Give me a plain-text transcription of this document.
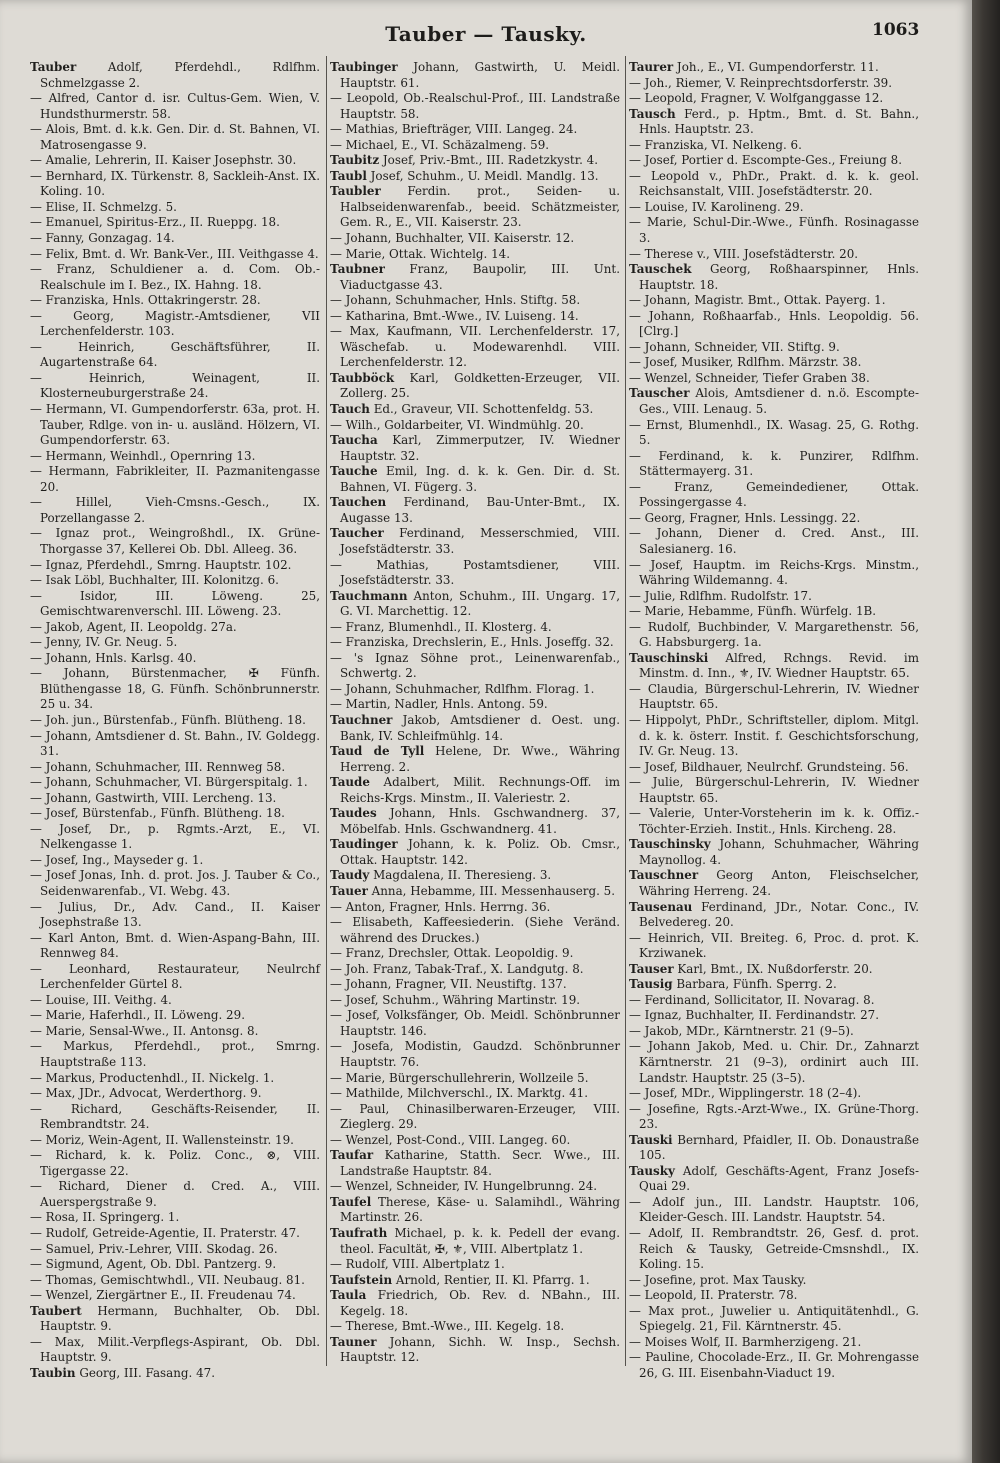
Tauber — Tausky.	1063
Tauber Adolf, Pferdehdl., Rdlfhm. Schmelzgasse 2.
— Alfred, Cantor d. isr. Cultus-Gem. Wien, V. Hundsthurmerstr. 58.
— Alois, Bmt. d. k.k. Gen. Dir. d. St. Bahnen, VI. Matrosengasse 9.
— Amalie, Lehrerin, II. Kaiser Josephstr. 30.
— Bernhard, IX. Türkenstr. 8, Sackleih-Anst. IX. Koling. 10.
— Elise, II. Schmelzg. 5.
— Emanuel, Spiritus-Erz., II. Rueppg. 18.
— Fanny, Gonzagag. 14.
— Felix, Bmt. d. Wr. Bank-Ver., III. Veithgasse 4.
— Franz, Schuldiener a. d. Com. Ob.-Realschule im I. Bez., IX. Hahng. 18.
— Franziska, Hnls. Ottakringerstr. 28.
— Georg, Magistr.-Amtsdiener, VII Lerchenfelderstr. 103.
— Heinrich, Geschäftsführer, II. Augartenstraße 64.
— Heinrich, Weinagent, II. Klosterneuburgerstraße 24.
— Hermann, VI. Gumpendorferstr. 63a, prot. H. Tauber, Rdlge. von in- u. ausländ. Hölzern, VI. Gumpendorferstr. 63.
— Hermann, Weinhdl., Opernring 13.
— Hermann, Fabrikleiter, II. Pazmanitengasse 20.
— Hillel, Vieh-Cmsns.-Gesch., IX. Porzellangasse 2.
— Ignaz prot., Weingroßhdl., IX. Grüne-Thorgasse 37, Kellerei Ob. Dbl. Alleeg. 36.
— Ignaz, Pferdehdl., Smrng. Hauptstr. 102.
— Isak Löbl, Buchhalter, III. Kolonitzg. 6.
— Isidor, III. Löweng. 25, Gemischtwarenverschl. III. Löweng. 23.
— Jakob, Agent, II. Leopoldg. 27a.
— Jenny, IV. Gr. Neug. 5.
— Johann, Hnls. Karlsg. 40.
— Johann, Bürstenmacher, ✠ Fünfh. Blüthengasse 18, G. Fünfh. Schönbrunnerstr. 25 u. 34.
— Joh. jun., Bürstenfab., Fünfh. Blütheng. 18.
— Johann, Amtsdiener d. St. Bahn., IV. Goldegg. 31.
— Johann, Schuhmacher, III. Rennweg 58.
— Johann, Schuhmacher, VI. Bürgerspitalg. 1.
— Johann, Gastwirth, VIII. Lercheng. 13.
— Josef, Bürstenfab., Fünfh. Blütheng. 18.
— Josef, Dr., p. Rgmts.-Arzt, E., VI. Nelkengasse 1.
— Josef, Ing., Mayseder g. 1.
— Josef Jonas, Inh. d. prot. Jos. J. Tauber & Co., Seidenwarenfab., VI. Webg. 43.
— Julius, Dr., Adv. Cand., II. Kaiser Josephstraße 13.
— Karl Anton, Bmt. d. Wien-Aspang-Bahn, III. Rennweg 84.
— Leonhard, Restaurateur, Neulrchf Lerchenfelder Gürtel 8.
— Louise, III. Veithg. 4.
— Marie, Haferhdl., II. Löweng. 29.
— Marie, Sensal-Wwe., II. Antonsg. 8.
— Markus, Pferdehdl., prot., Smrng. Hauptstraße 113.
— Markus, Productenhdl., II. Nickelg. 1.
— Max, JDr., Advocat, Werderthorg. 9.
— Richard, Geschäfts-Reisender, II. Rembrandtstr. 24.
— Moriz, Wein-Agent, II. Wallensteinstr. 19.
— Richard, k. k. Poliz. Conc., ⊗, VIII. Tigergasse 22.
— Richard, Diener d. Cred. A., VIII. Auerspergstraße 9.
— Rosa, II. Springerg. 1.
— Rudolf, Getreide-Agentie, II. Praterstr. 47.
— Samuel, Priv.-Lehrer, VIII. Skodag. 26.
— Sigmund, Agent, Ob. Dbl. Pantzerg. 9.
— Thomas, Gemischtwhdl., VII. Neubaug. 81.
— Wenzel, Ziergärtner E., II. Freudenau 74.
Taubert Hermann, Buchhalter, Ob. Dbl. Hauptstr. 9.
— Max, Milit.-Verpflegs-Aspirant, Ob. Dbl. Hauptstr. 9.
Taubin Georg, III. Fasang. 47.
Taubinger Johann, Gastwirth, U. Meidl. Hauptstr. 61.
— Leopold, Ob.-Realschul-Prof., III. Landstraße Hauptstr. 58.
— Mathias, Briefträger, VIII. Langeg. 24.
— Michael, E., VI. Schäzalmeng. 59.
Taubitz Josef, Priv.-Bmt., III. Radetzkystr. 4.
Taubl Josef, Schuhm., U. Meidl. Mandlg. 13.
Taubler Ferdin. prot., Seiden- u. Halbseidenwarenfab., beeid. Schätzmeister, Gem. R., E., VII. Kaiserstr. 23.
— Johann, Buchhalter, VII. Kaiserstr. 12.
— Marie, Ottak. Wichtelg. 14.
Taubner Franz, Baupolir, III. Unt. Viaductgasse 43.
— Johann, Schuhmacher, Hnls. Stiftg. 58.
— Katharina, Bmt.-Wwe., IV. Luiseng. 14.
— Max, Kaufmann, VII. Lerchenfelderstr. 17, Wäschefab. u. Modewarenhdl. VIII. Lerchenfelderstr. 12.
Taubböck Karl, Goldketten-Erzeuger, VII. Zollerg. 25.
Tauch Ed., Graveur, VII. Schottenfeldg. 53.
— Wilh., Goldarbeiter, VI. Windmühlg. 20.
Taucha Karl, Zimmerputzer, IV. Wiedner Hauptstr. 32.
Tauche Emil, Ing. d. k. k. Gen. Dir. d. St. Bahnen, VI. Fügerg. 3.
Tauchen Ferdinand, Bau-Unter-Bmt., IX. Augasse 13.
Taucher Ferdinand, Messerschmied, VIII. Josefstädterstr. 33.
— Mathias, Postamtsdiener, VIII. Josefstädterstr. 33.
Tauchmann Anton, Schuhm., III. Ungarg. 17, G. VI. Marchettig. 12.
— Franz, Blumenhdl., II. Klosterg. 4.
— Franziska, Drechslerin, E., Hnls. Joseffg. 32.
— 's Ignaz Söhne prot., Leinenwarenfab., Schwertg. 2.
— Johann, Schuhmacher, Rdlfhm. Florag. 1.
— Martin, Nadler, Hnls. Antong. 59.
Tauchner Jakob, Amtsdiener d. Oest. ung. Bank, IV. Schleifmühlg. 14.
Taud de Tyll Helene, Dr. Wwe., Währing Herreng. 2.
Taude Adalbert, Milit. Rechnungs-Off. im Reichs-Krgs. Minstm., II. Valeriestr. 2.
Taudes Johann, Hnls. Gschwandnerg. 37, Möbelfab. Hnls. Gschwandnerg. 41.
Taudinger Johann, k. k. Poliz. Ob. Cmsr., Ottak. Hauptstr. 142.
Taudy Magdalena, II. Theresieng. 3.
Tauer Anna, Hebamme, III. Messenhauserg. 5.
— Anton, Fragner, Hnls. Herrng. 36.
— Elisabeth, Kaffeesiederin. (Siehe Veränd. während des Druckes.)
— Franz, Drechsler, Ottak. Leopoldig. 9.
— Joh. Franz, Tabak-Traf., X. Landgutg. 8.
— Johann, Fragner, VII. Neustiftg. 137.
— Josef, Schuhm., Währing Martinstr. 19.
— Josef, Volksfänger, Ob. Meidl. Schönbrunner Hauptstr. 146.
— Josefa, Modistin, Gaudzd. Schönbrunner Hauptstr. 76.
— Marie, Bürgerschullehrerin, Wollzeile 5.
— Mathilde, Milchverschl., IX. Marktg. 41.
— Paul, Chinasilberwaren-Erzeuger, VIII. Zieglerg. 29.
— Wenzel, Post-Cond., VIII. Langeg. 60.
Taufar Katharine, Statth. Secr. Wwe., III. Landstraße Hauptstr. 84.
— Wenzel, Schneider, IV. Hungelbrunng. 24.
Taufel Therese, Käse- u. Salamihdl., Währing Martinstr. 26.
Taufrath Michael, p. k. k. Pedell der evang. theol. Facultät, ✠, ⚜, VIII. Albertplatz 1.
— Rudolf, VIII. Albertplatz 1.
Taufstein Arnold, Rentier, II. Kl. Pfarrg. 1.
Taula Friedrich, Ob. Rev. d. NBahn., III. Kegelg. 18.
— Therese, Bmt.-Wwe., III. Kegelg. 18.
Tauner Johann, Sichh. W. Insp., Sechsh. Hauptstr. 12.
Taurer Joh., E., VI. Gumpendorferstr. 11.
— Joh., Riemer, V. Reinprechtsdorferstr. 39.
— Leopold, Fragner, V. Wolfganggasse 12.
Tausch Ferd., p. Hptm., Bmt. d. St. Bahn., Hnls. Hauptstr. 23.
— Franziska, VI. Nelkeng. 6.
— Josef, Portier d. Escompte-Ges., Freiung 8.
— Leopold v., PhDr., Prakt. d. k. k. geol. Reichsanstalt, VIII. Josefstädterstr. 20.
— Louise, IV. Karolineng. 29.
— Marie, Schul-Dir.-Wwe., Fünfh. Rosinagasse 3.
— Therese v., VIII. Josefstädterstr. 20.
Tauschek Georg, Roßhaarspinner, Hnls. Hauptstr. 18.
— Johann, Magistr. Bmt., Ottak. Payerg. 1.
— Johann, Roßhaarfab., Hnls. Leopoldig. 56. [Clrg.]
— Johann, Schneider, VII. Stiftg. 9.
— Josef, Musiker, Rdlfhm. Märzstr. 38.
— Wenzel, Schneider, Tiefer Graben 38.
Tauscher Alois, Amtsdiener d. n.ö. Escompte-Ges., VIII. Lenaug. 5.
— Ernst, Blumenhdl., IX. Wasag. 25, G. Rothg. 5.
— Ferdinand, k. k. Punzirer, Rdlfhm. Stättermayerg. 31.
— Franz, Gemeindediener, Ottak. Possingergasse 4.
— Georg, Fragner, Hnls. Lessingg. 22.
— Johann, Diener d. Cred. Anst., III. Salesianerg. 16.
— Josef, Hauptm. im Reichs-Krgs. Minstm., Währing Wildemanng. 4.
— Julie, Rdlfhm. Rudolfstr. 17.
— Marie, Hebamme, Fünfh. Würfelg. 1B.
— Rudolf, Buchbinder, V. Margarethenstr. 56, G. Habsburgerg. 1a.
Tauschinski Alfred, Rchngs. Revid. im Minstm. d. Inn., ⚜, IV. Wiedner Hauptstr. 65.
— Claudia, Bürgerschul-Lehrerin, IV. Wiedner Hauptstr. 65.
— Hippolyt, PhDr., Schriftsteller, diplom. Mitgl. d. k. k. österr. Instit. f. Geschichtsforschung, IV. Gr. Neug. 13.
— Josef, Bildhauer, Neulrchf. Grundsteing. 56.
— Julie, Bürgerschul-Lehrerin, IV. Wiedner Hauptstr. 65.
— Valerie, Unter-Vorsteherin im k. k. Offiz.-Töchter-Erzieh. Instit., Hnls. Kircheng. 28.
Tauschinsky Johann, Schuhmacher, Währing Maynollog. 4.
Tauschner Georg Anton, Fleischselcher, Währing Herreng. 24.
Tausenau Ferdinand, JDr., Notar. Conc., IV. Belvedereg. 20.
— Heinrich, VII. Breiteg. 6, Proc. d. prot. K. Krziwanek.
Tauser Karl, Bmt., IX. Nußdorferstr. 20.
Tausig Barbara, Fünfh. Sperrg. 2.
— Ferdinand, Sollicitator, II. Novarag. 8.
— Ignaz, Buchhalter, II. Ferdinandstr. 27.
— Jakob, MDr., Kärntnerstr. 21 (9–5).
— Johann Jakob, Med. u. Chir. Dr., Zahnarzt Kärntnerstr. 21 (9–3), ordinirt auch III. Landstr. Hauptstr. 25 (3–5).
— Josef, MDr., Wipplingerstr. 18 (2–4).
— Josefine, Rgts.-Arzt-Wwe., IX. Grüne-Thorg. 23.
Tauski Bernhard, Pfaidler, II. Ob. Donaustraße 105.
Tausky Adolf, Geschäfts-Agent, Franz Josefs-Quai 29.
— Adolf jun., III. Landstr. Hauptstr. 106, Kleider-Gesch. III. Landstr. Hauptstr. 54.
— Adolf, II. Rembrandtstr. 26, Gesf. d. prot. Reich & Tausky, Getreide-Cmsnshdl., IX. Koling. 15.
— Josefine, prot. Max Tausky.
— Leopold, II. Praterstr. 78.
— Max prot., Juwelier u. Antiquitätenhdl., G. Spiegelg. 21, Fil. Kärntnerstr. 45.
— Moises Wolf, II. Barmherzigeng. 21.
— Pauline, Chocolade-Erz., II. Gr. Mohrengasse 26, G. III. Eisenbahn-Viaduct 19.
